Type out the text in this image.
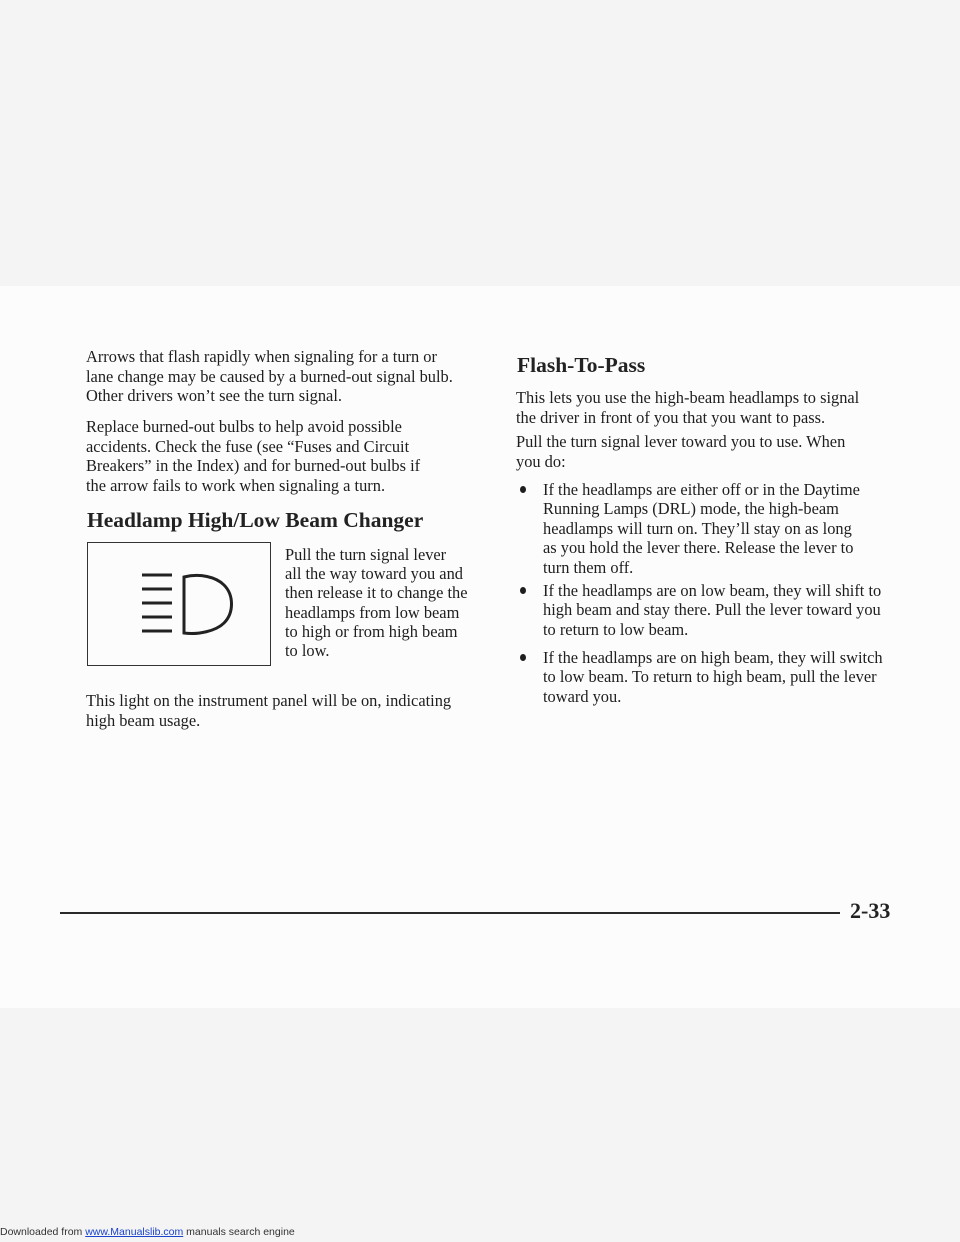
Arrows that flash rapidly when signaling for a turn or
lane change may be caused by a burned-out signal bulb.
Other drivers won’t see the turn signal.
Replace burned-out bulbs to help avoid possible
accidents. Check the fuse (see “Fuses and Circuit
Breakers” in the Index) and for burned-out bulbs if
the arrow fails to work when signaling a turn.
Headlamp High/Low Beam Changer
Pull the turn signal lever
all the way toward you and
then release it to change the
headlamps from low beam
to high or from high beam
to low.
This light on the instrument panel will be on, indicating
high beam usage.
Flash-To-Pass
This lets you use the high-beam headlamps to signal
the driver in front of you that you want to pass.
Pull the turn signal lever toward you to use. When
you do:

If the headlamps are either off or in the Daytime
Running Lamps (DRL) mode, the high-beam
headlamps will turn on. They’ll stay on as long
as you hold the lever there. Release the lever to
turn them off.

If the headlamps are on low beam, they will shift to
high beam and stay there. Pull the lever toward you
to return to low beam.

If the headlamps are on high beam, they will switch
to low beam. To return to high beam, pull the lever
toward you.

2-33

Downloaded from www.Manualslib.com manuals search engine
